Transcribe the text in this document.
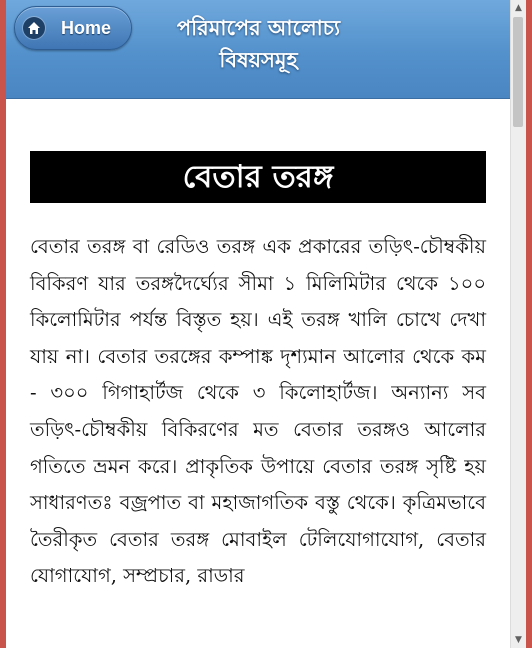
Home	পরিমাপের আলোচ্য বিষয়সমূহ
বেতার তরঙ্গ

বেতার তরঙ্গ বা রেডিও তরঙ্গ এক প্রকারের তড়িৎ-চৌম্বকীয় বিকিরণ যার তরঙ্গদৈর্ঘ্যের সীমা ১ মিলিমিটার থেকে ১০০ কিলোমিটার পর্যন্ত বিস্তৃত হয়। এই তরঙ্গ খালি চোখে দেখা যায় না। বেতার তরঙ্গের কম্পাঙ্ক দৃশ্যমান আলোর থেকে কম - ৩০০ গিগাহার্টজ থেকে ৩ কিলোহার্টজ। অন্যান্য সব তড়িৎ-চৌম্বকীয় বিকিরণের মত বেতার তরঙ্গও আলোর গতিতে ভ্রমন করে। প্রাকৃতিক উপায়ে বেতার তরঙ্গ সৃষ্টি হয় সাধারণতঃ বজ্রপাত বা মহাজাগতিক বস্তু থেকে। কৃত্রিমভাবে তৈরীকৃত বেতার তরঙ্গ মোবাইল টেলিযোগাযোগ, বেতার যোগাযোগ, সম্প্রচার, রাডার

▲
▼
